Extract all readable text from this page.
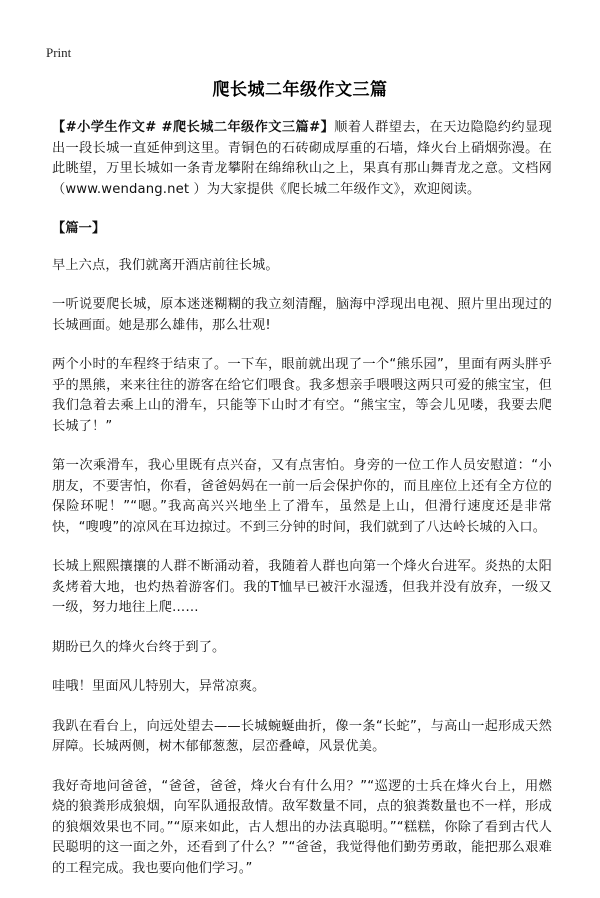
Print
爬长城二年级作文三篇

【#小学生作文# #爬长城二年级作文三篇#】顺着人群望去，在天边隐隐约约显现出一段长城一直延伸到这里。青铜色的石砖砌成厚重的石墙，烽火台上硝烟弥漫。在此眺望，万里长城如一条青龙攀附在绵绵秋山之上，果真有那山舞青龙之意。文档网（www.wendang.net ）为大家提供《爬长城二年级作文》，欢迎阅读。

【篇一】

早上六点，我们就离开酒店前往长城。

一听说要爬长城，原本迷迷糊糊的我立刻清醒，脑海中浮现出电视、照片里出现过的长城画面。她是那么雄伟，那么壮观!

两个小时的车程终于结束了。一下车，眼前就出现了一个“熊乐园”，里面有两头胖乎乎的黑熊，来来往往的游客在给它们喂食。我多想亲手喂喂这两只可爱的熊宝宝，但我们急着去乘上山的滑车，只能等下山时才有空。“熊宝宝，等会儿见喽，我要去爬长城了！”

第一次乘滑车，我心里既有点兴奋，又有点害怕。身旁的一位工作人员安慰道：“小朋友，不要害怕，你看，爸爸妈妈在一前一后会保护你的，而且座位上还有全方位的保险环呢！”“嗯。”我高高兴兴地坐上了滑车，虽然是上山，但滑行速度还是非常快，“嗖嗖”的凉风在耳边掠过。不到三分钟的时间，我们就到了八达岭长城的入口。

长城上熙熙攘攘的人群不断涌动着，我随着人群也向第一个烽火台进军。炎热的太阳炙烤着大地，也灼热着游客们。我的T恤早已被汗水湿透，但我并没有放弃，一级又一级，努力地往上爬……

期盼已久的烽火台终于到了。

哇哦！里面风儿特别大，异常凉爽。

我趴在看台上，向远处望去——长城蜿蜒曲折，像一条“长蛇”，与高山一起形成天然屏障。长城两侧，树木郁郁葱葱，层峦叠嶂，风景优美。

我好奇地问爸爸，“爸爸，爸爸，烽火台有什么用？”“巡逻的士兵在烽火台上，用燃烧的狼粪形成狼烟，向军队通报敌情。敌军数量不同，点的狼粪数量也不一样，形成的狼烟效果也不同。”“原来如此，古人想出的办法真聪明。”“糕糕，你除了看到古代人民聪明的这一面之外，还看到了什么？”“爸爸，我觉得他们勤劳勇敢，能把那么艰难的工程完成。我也要向他们学习。”
